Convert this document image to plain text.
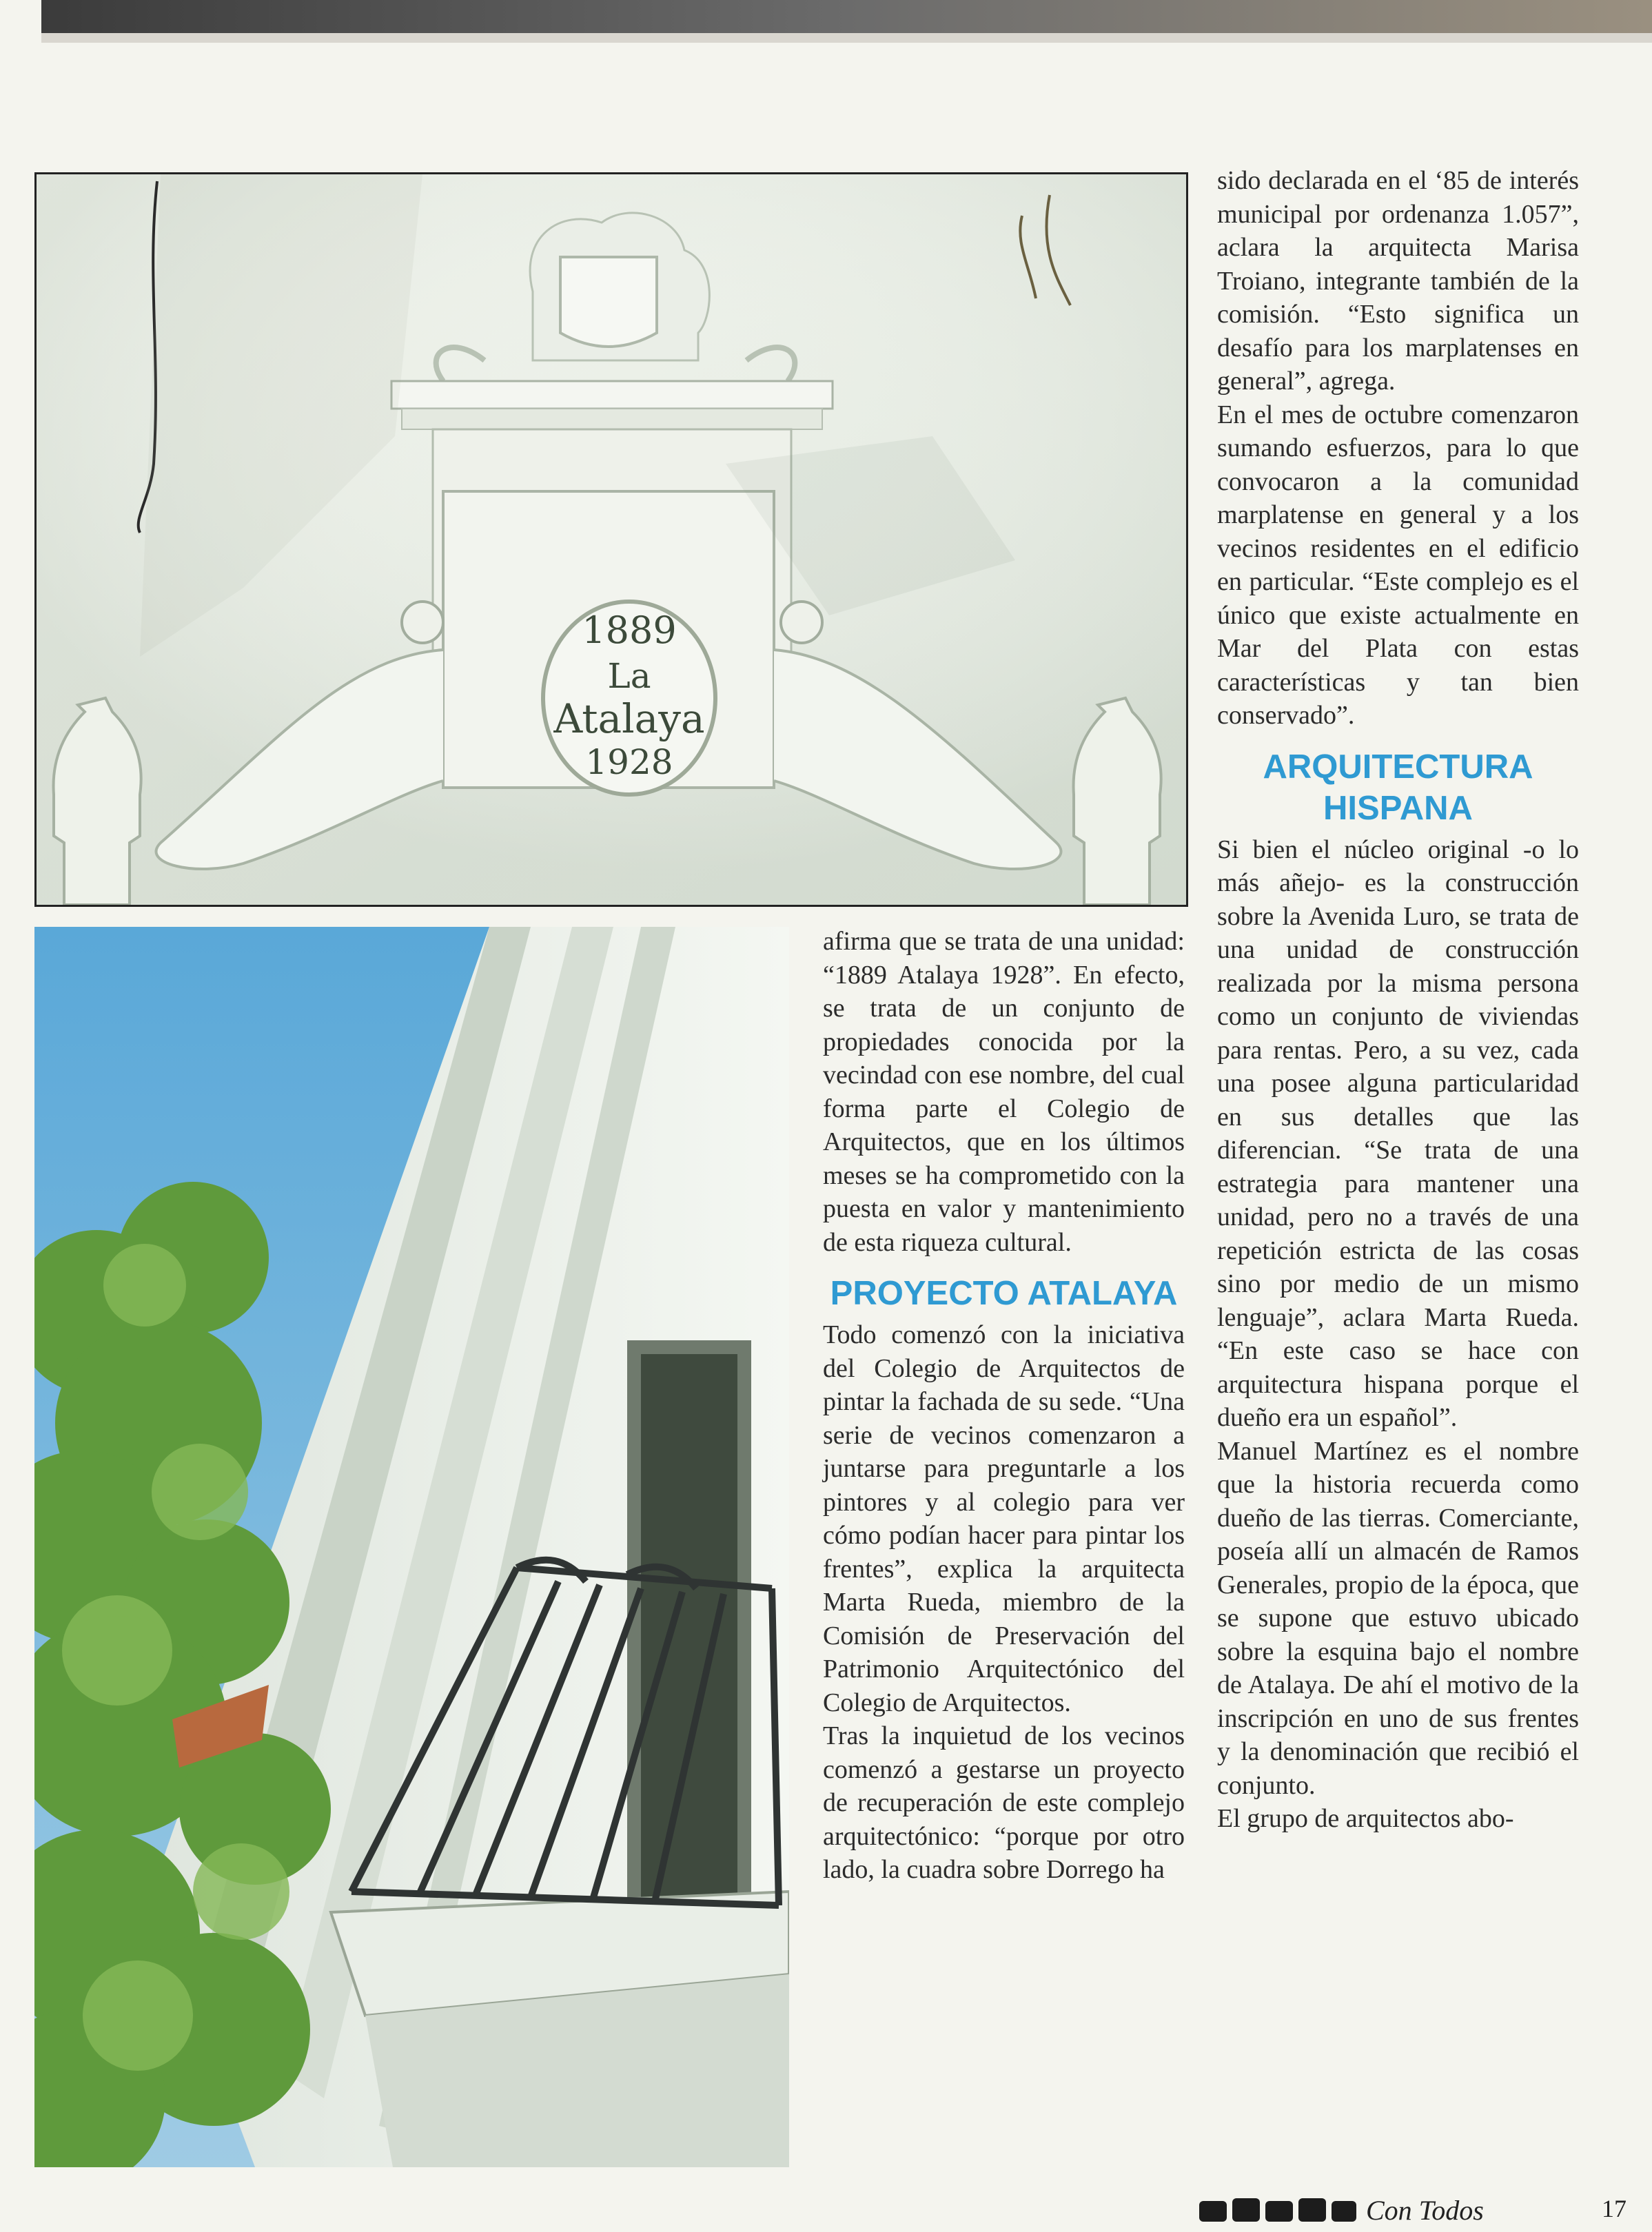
1889
La
Atalaya
1928

sido declarada en el ‘85 de interés municipal por ordenanza 1.057”, aclara la arquitecta Marisa Troiano, integrante también de la comisión. “Esto significa un desafío para los marplatenses en general”, agrega.

En el mes de octubre comenzaron sumando esfuerzos, para lo que convocaron a la comunidad marplatense en general y a los vecinos residentes en el edificio en particular. “Este complejo es el único que existe actualmente en Mar del Plata con estas características y tan bien conservado”.

ARQUITECTURA HISPANA

Si bien el núcleo original -o lo más añejo- es la construcción sobre la Avenida Luro, se trata de una unidad de construcción realizada por la misma persona como un conjunto de viviendas para rentas. Pero, a su vez, cada una posee alguna particularidad en sus detalles que las diferencian. “Se trata de una estrategia para mantener una unidad, pero no a través de una repetición estricta de las cosas sino por medio de un mismo lenguaje”, aclara Marta Rueda. “En este caso se hace con arquitectura hispana porque el dueño era un español”.

Manuel Martínez es el nombre que la historia recuerda como dueño de las tierras. Comerciante, poseía allí un almacén de Ramos Generales, propio de la época, que se supone que estuvo ubicado sobre la esquina bajo el nombre de Atalaya. De ahí el motivo de la inscripción en uno de sus frentes y la denominación que recibió el conjunto.

El grupo de arquitectos abo-

afirma que se trata de una unidad: “1889 Atalaya 1928”. En efecto, se trata de un conjunto de propiedades conocida por la vecindad con ese nombre, del cual forma parte el Colegio de Arquitectos, que en los últimos meses se ha comprometido con la puesta en valor y mantenimiento de esta riqueza cultural.

PROYECTO ATALAYA

Todo comenzó con la iniciativa del Colegio de Arquitectos de pintar la fachada de su sede. “Una serie de vecinos comenzaron a juntarse para preguntarle a los pintores y al colegio para ver cómo podían hacer para pintar los frentes”, explica la arquitecta Marta Rueda, miembro de la Comisión de Preservación del Patrimonio Arquitectónico del Colegio de Arquitectos.

Tras la inquietud de los vecinos comenzó a gestarse un proyecto de recuperación de este complejo arquitectónico: “porque por otro lado, la cuadra sobre Dorrego ha

Con Todos	17
